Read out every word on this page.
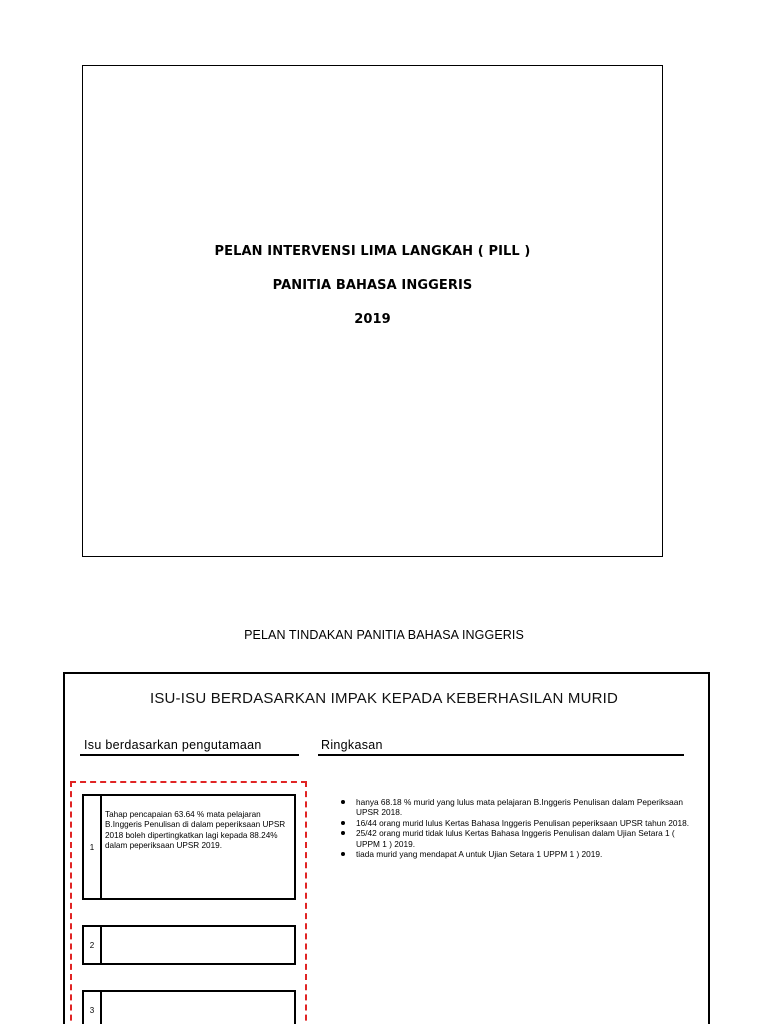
PELAN INTERVENSI LIMA LANGKAH ( PILL )
PANITIA BAHASA INGGERIS
2019
PELAN TINDAKAN PANITIA BAHASA INGGERIS
ISU-ISU BERDASARKAN IMPAK KEPADA KEBERHASILAN MURID
Isu berdasarkan pengutamaan	Ringkasan
1
Tahap pencapaian 63.64 % mata pelajaran B.Inggeris Penulisan di dalam peperiksaan UPSR 2018 boleh dipertingkatkan lagi kepada 88.24% dalam peperiksaan UPSR 2019.
2
3
hanya 68.18 % murid yang lulus mata pelajaran B.Inggeris Penulisan dalam Peperiksaan UPSR 2018.
16/44 orang murid lulus Kertas Bahasa Inggeris Penulisan peperiksaan UPSR tahun 2018.
25/42 orang murid tidak lulus Kertas Bahasa Inggeris Penulisan dalam Ujian Setara 1 ( UPPM 1 ) 2019.
tiada murid yang mendapat A untuk Ujian Setara 1 UPPM 1 ) 2019.
